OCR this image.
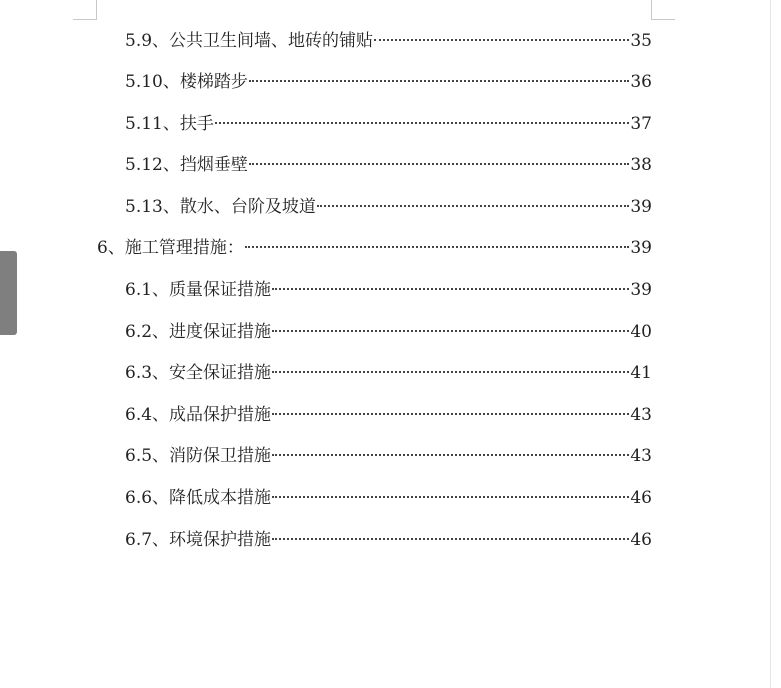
5.9、公共卫生间墙、地砖的铺贴	35
5.10、楼梯踏步	36
5.11、扶手	37
5.12、挡烟垂壁	38
5.13、散水、台阶及坡道	39
6、施工管理措施：	39
6.1、质量保证措施	39
6.2、进度保证措施	40
6.3、安全保证措施	41
6.4、成品保护措施	43
6.5、消防保卫措施	43
6.6、降低成本措施	46
6.7、环境保护措施	46
